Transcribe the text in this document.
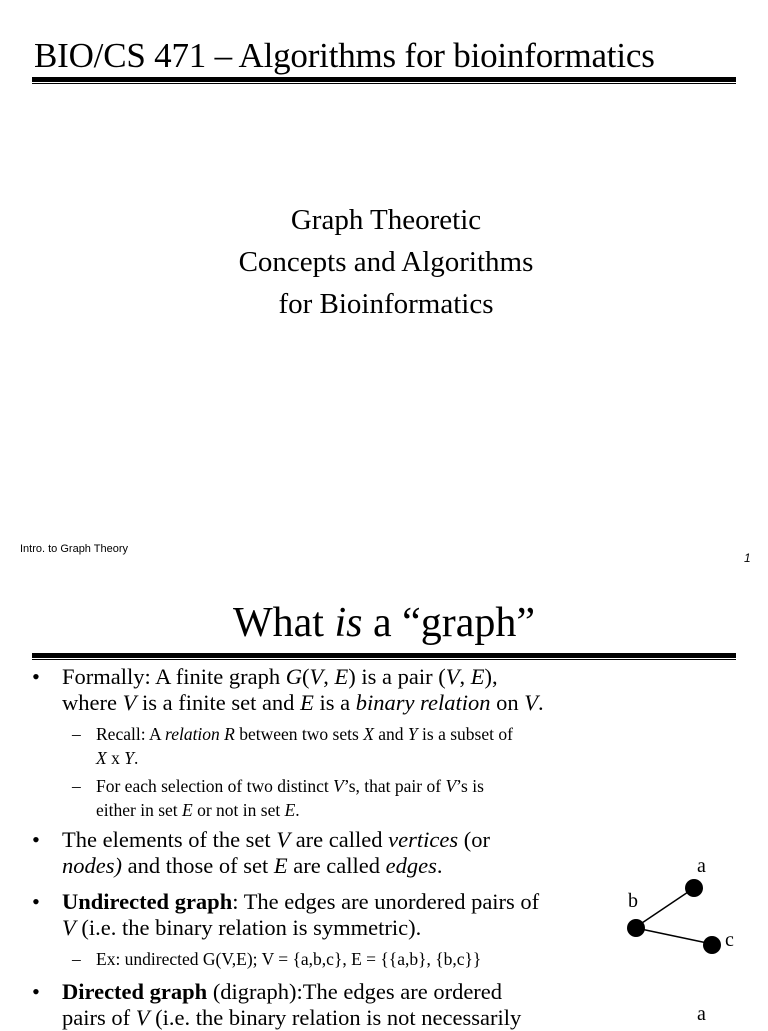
BIO/CS 471 – Algorithms for bioinformatics
Graph Theoretic
Concepts and Algorithms
for Bioinformatics
Intro. to Graph Theory
1
What is a “graph”
• Formally: A finite graph G(V, E) is a pair (V, E),
where V is a finite set and E is a binary relation on V.
– Recall: A relation R between two sets X and Y is a subset of
X x Y.
– For each selection of two distinct V’s, that pair of V’s is
either in set E or not in set E.
• The elements of the set V are called vertices (or
nodes) and those of set E are called edges.
• Undirected graph: The edges are unordered pairs of
V (i.e. the binary relation is symmetric).
– Ex: undirected G(V,E); V = {a,b,c}, E = {{a,b}, {b,c}}
• Directed graph (digraph):The edges are ordered
pairs of V (i.e. the binary relation is not necessarily
a
b
c
a
